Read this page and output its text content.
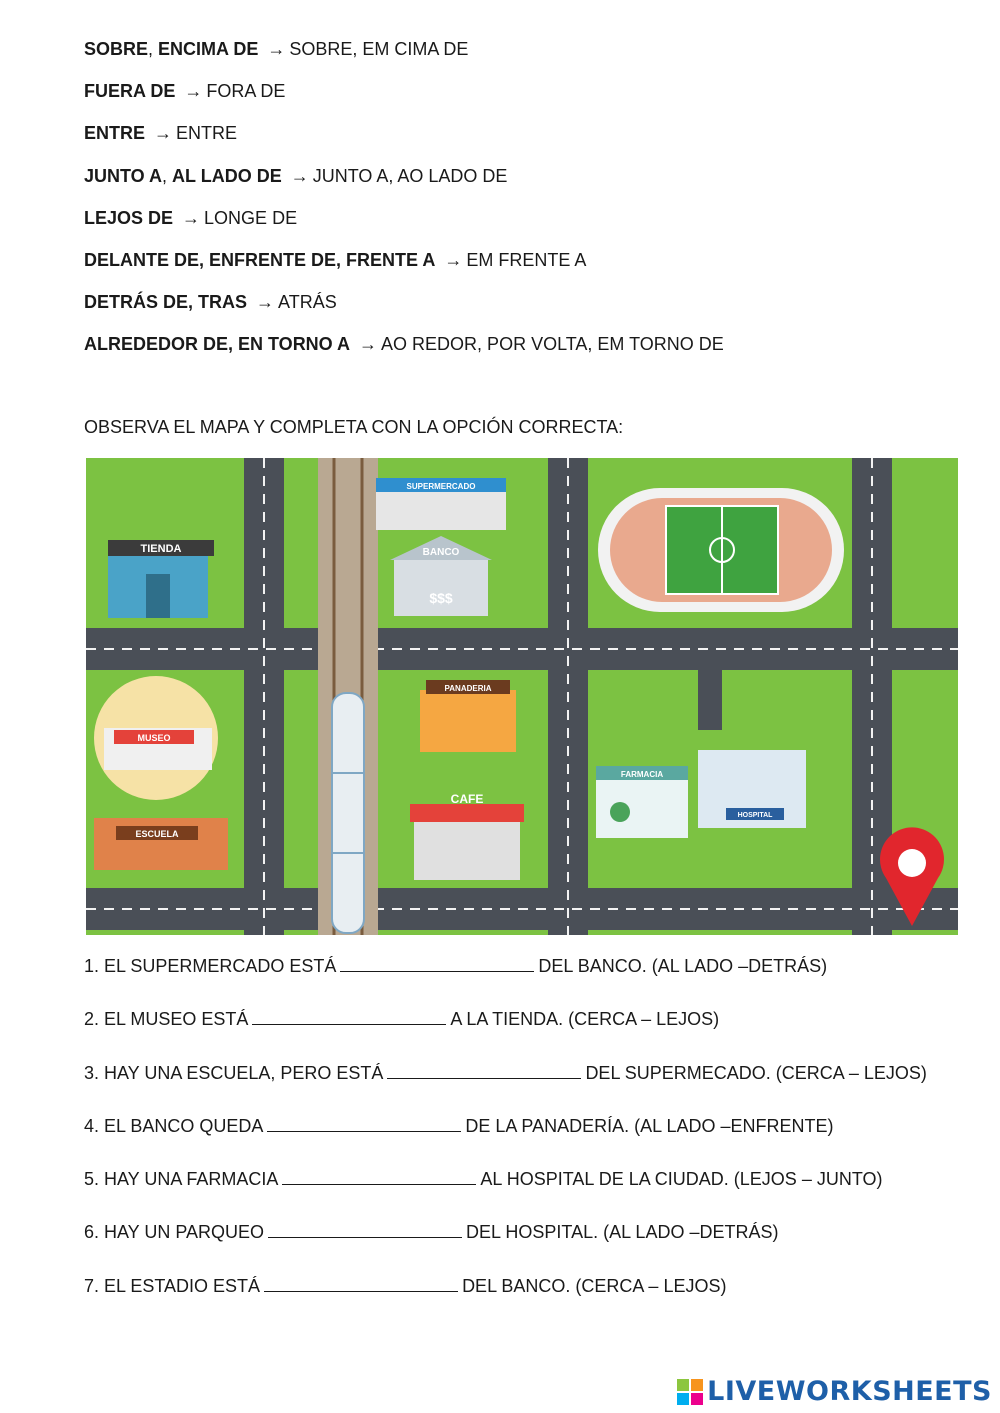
SOBRE, ENCIMA DE → SOBRE, EM CIMA DE
FUERA DE → FORA DE
ENTRE → ENTRE
JUNTO A, AL LADO DE → JUNTO A, AO LADO DE
LEJOS DE → LONGE DE
DELANTE DE, ENFRENTE DE, FRENTE A → EM FRENTE A
DETRÁS DE, TRAS → ATRÁS
ALREDEDOR DE, EN TORNO A → AO REDOR, POR VOLTA, EM TORNO DE
OBSERVA EL MAPA Y COMPLETA CON LA OPCIÓN CORRECTA:
TIENDA
SUPERMERCADO
BANCO
$$$
MUSEO
ESCUELA
PANADERIA
CAFE
FARMACIA
HOSPITAL
1. EL SUPERMERCADO ESTÁ	DEL BANCO. (AL LADO –DETRÁS)
2. EL MUSEO ESTÁ	A LA TIENDA. (CERCA – LEJOS)
3. HAY UNA ESCUELA, PERO ESTÁ	DEL SUPERMECADO. (CERCA – LEJOS)
4. EL BANCO QUEDA	DE LA PANADERÍA. (AL LADO –ENFRENTE)
5. HAY UNA FARMACIA	AL HOSPITAL DE LA CIUDAD. (LEJOS – JUNTO)
6. HAY UN PARQUEO	DEL HOSPITAL. (AL LADO –DETRÁS)
7. EL ESTADIO ESTÁ	DEL BANCO. (CERCA – LEJOS)
LIVEWORKSHEETS
